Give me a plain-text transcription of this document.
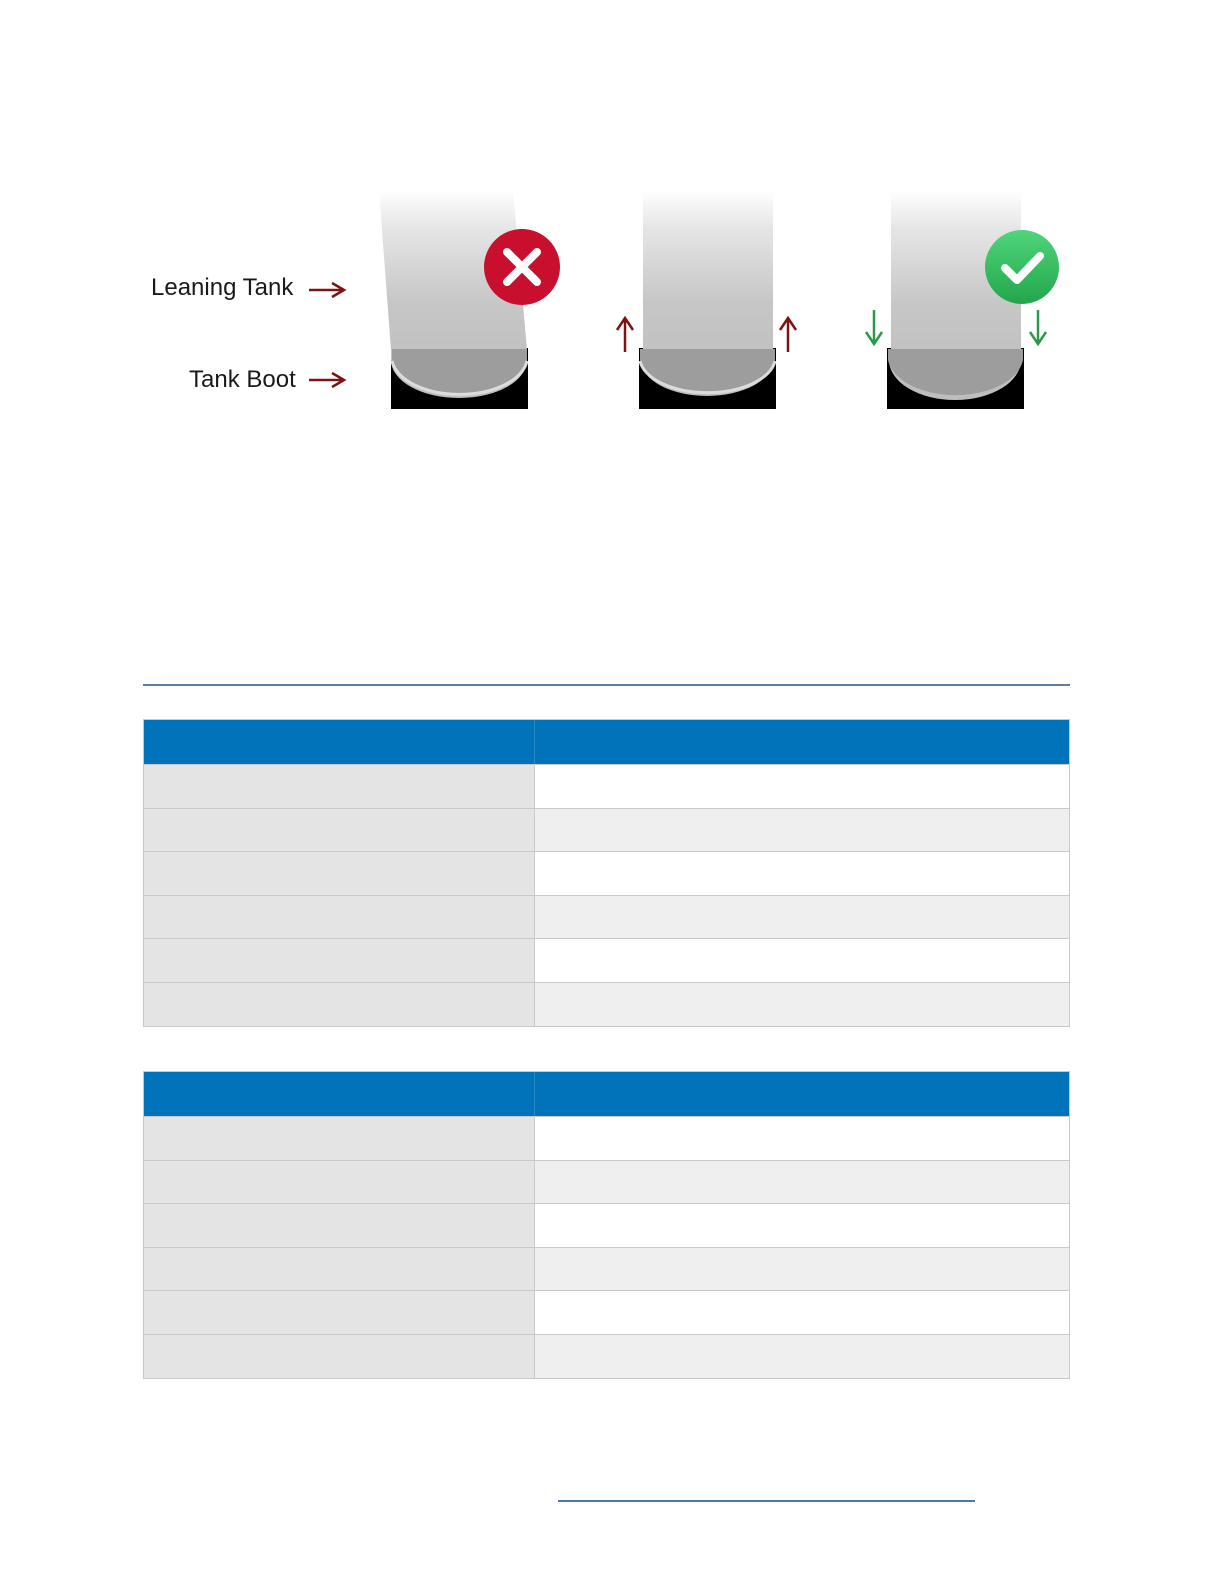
Leaning Tank
Tank Boot
